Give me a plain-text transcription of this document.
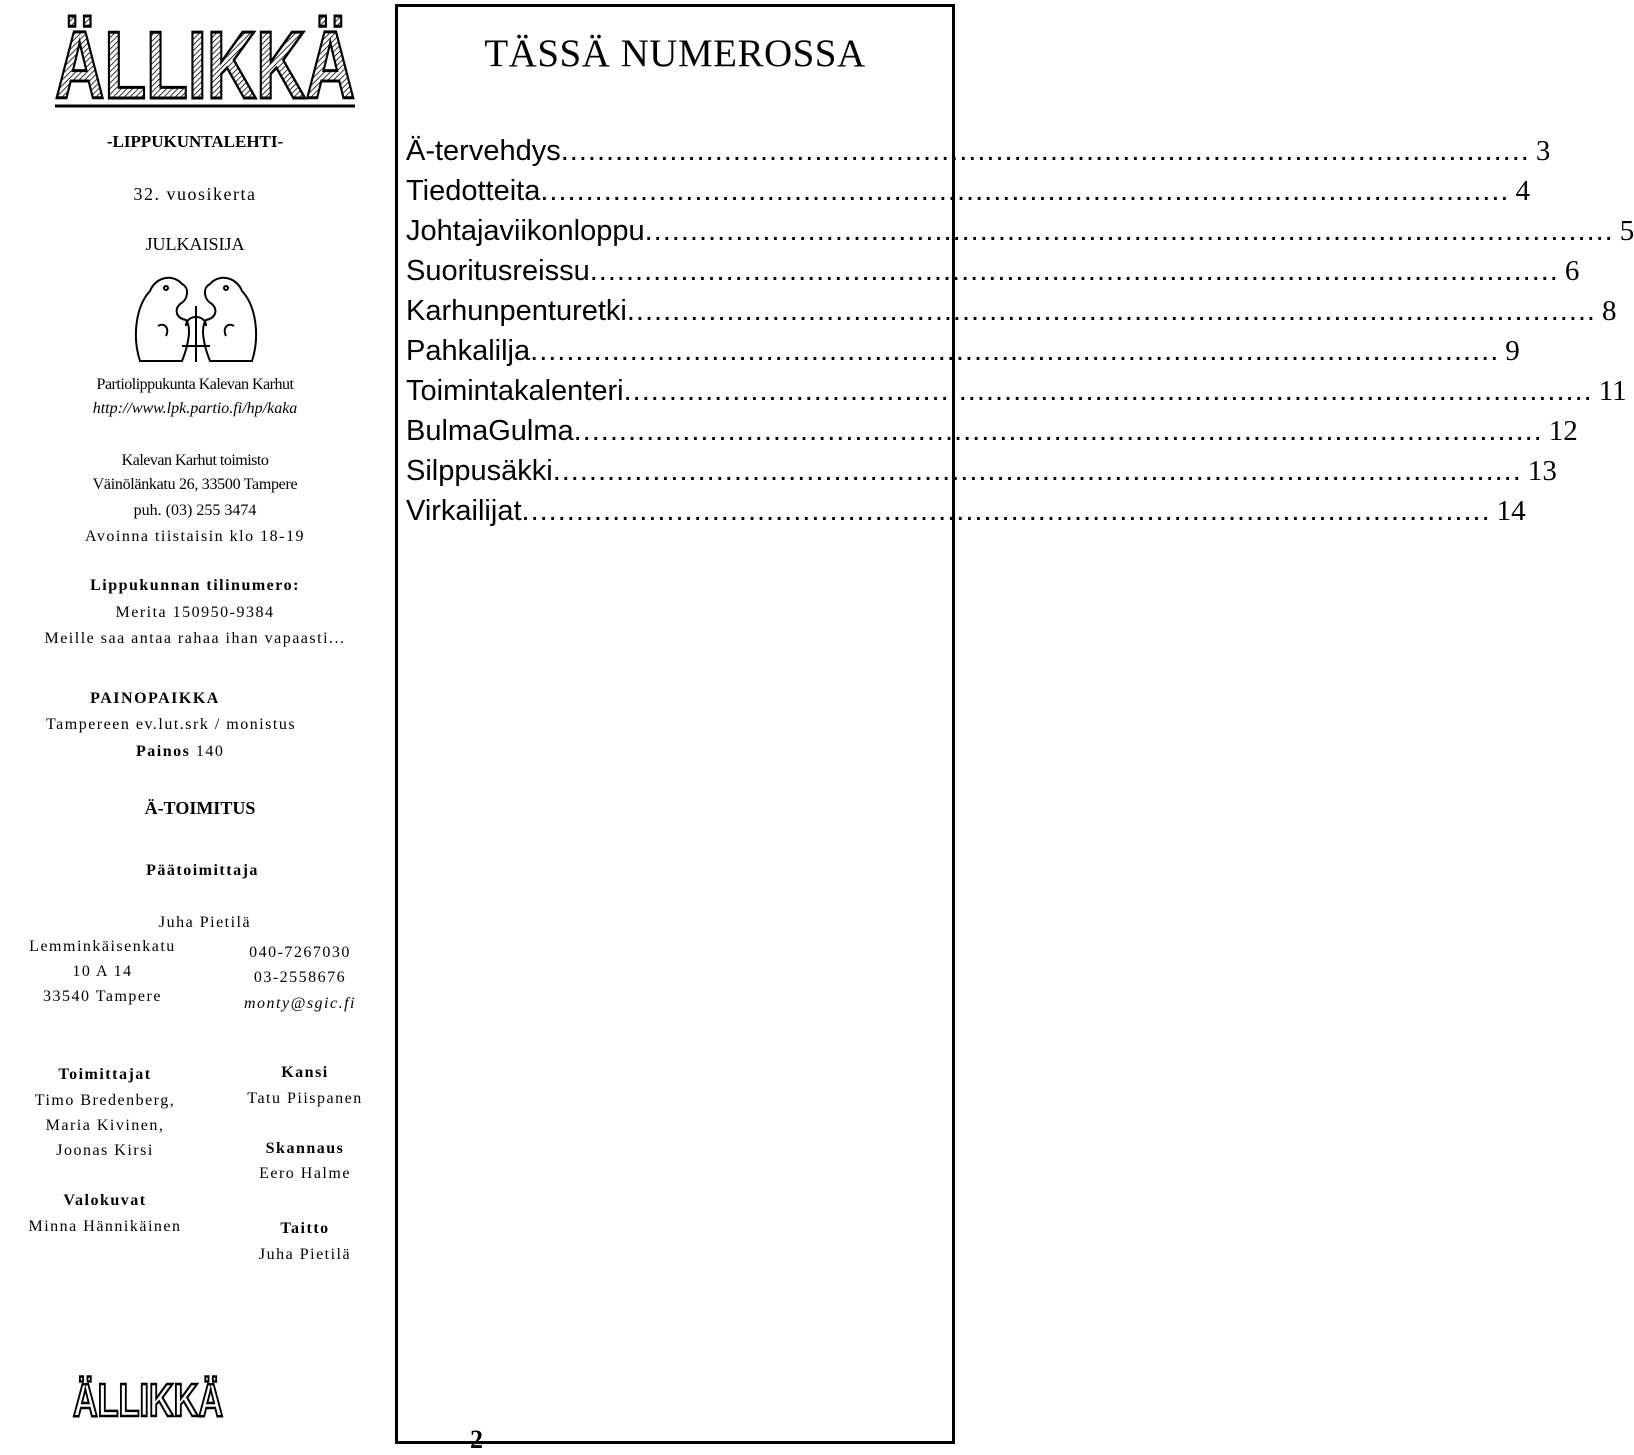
ÄLLIKKÄ
-LIPPUKUNTALEHTI-
32. vuosikerta
JULKAISIJA
Partiolippukunta Kalevan Karhut
http://www.lpk.partio.fi/hp/kaka
Kalevan Karhut toimisto
Väinölänkatu 26, 33500 Tampere
puh. (03) 255 3474
Avoinna tiistaisin klo 18-19
Lippukunnan tilinumero:
Merita 150950-9384
Meille saa antaa rahaa ihan vapaasti...
PAINOPAIKKA
Tampereen ev.lut.srk / monistus
Painos 140
Ä-TOIMITUS
Päätoimittaja
Juha Pietilä
Lemminkäisenkatu
10 A 14
33540 Tampere
040-7267030
03-2558676
monty@sgic.fi
Toimittajat
Timo Bredenberg,
Maria Kivinen,
Joonas Kirsi
Valokuvat
Minna Hännikäinen
Kansi
Tatu Piispanen
Skannaus
Eero Halme
Taitto
Juha Pietilä
ÄLLIKKÄ
TÄSSÄ NUMEROSSA
Ä-tervehdys .....	3
Tiedotteita .....	4
Johtajaviikonloppu .....	5
Suoritusreissu .....	6
Karhunpenturetki .....	8
Pahkalilja .....	9
Toimintakalenteri .....	11
BulmaGulma .....	12
Silppusäkki .....	13
Virkailijat .....	14
2
